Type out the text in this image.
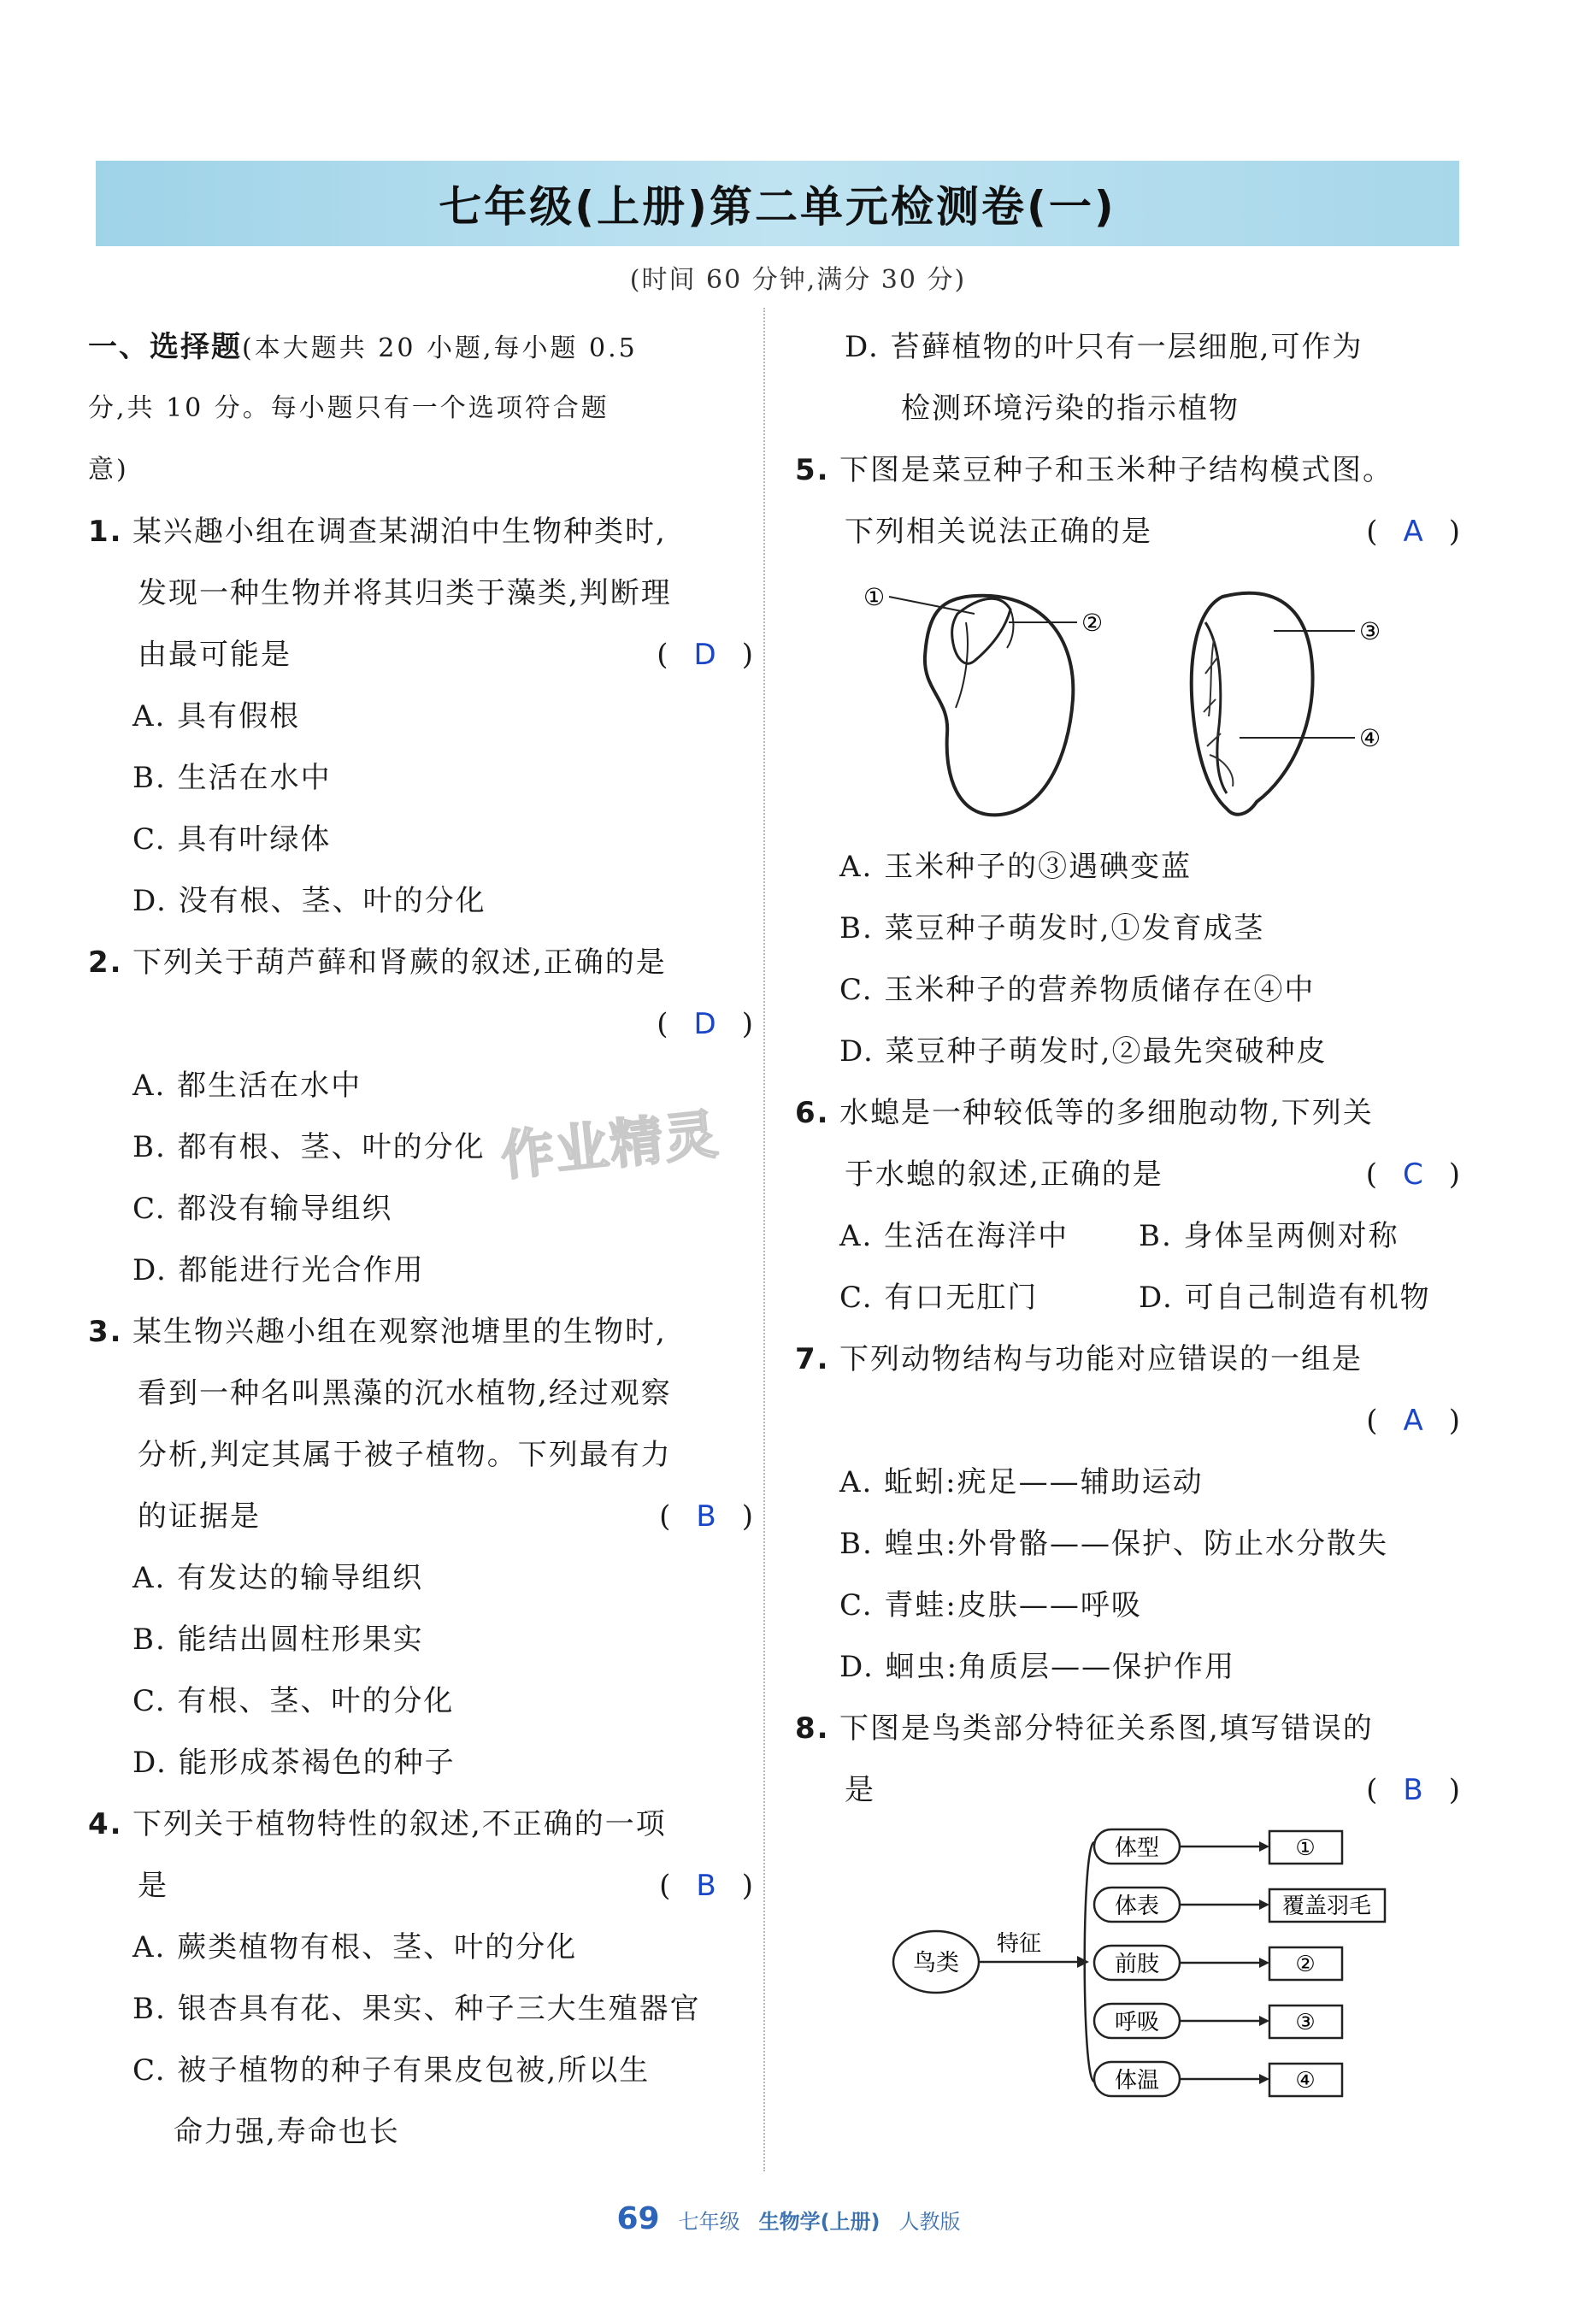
七年级(上册)第二单元检测卷(一)
(时间 60 分钟,满分 30 分)
作业精灵
一、选择题(本大题共 20 小题,每小题 0.5
分,共 10 分。每小题只有一个选项符合题
意)
1. 某兴趣小组在调查某湖泊中生物种类时,
发现一种生物并将其归类于藻类,判断理
由最可能是	( D )
A. 具有假根
B. 生活在水中
C. 具有叶绿体
D. 没有根、茎、叶的分化
2. 下列关于葫芦藓和肾蕨的叙述,正确的是
( D )
A. 都生活在水中
B. 都有根、茎、叶的分化
C. 都没有输导组织
D. 都能进行光合作用
3. 某生物兴趣小组在观察池塘里的生物时,
看到一种名叫黑藻的沉水植物,经过观察
分析,判定其属于被子植物。下列最有力
的证据是	( B )
A. 有发达的输导组织
B. 能结出圆柱形果实
C. 有根、茎、叶的分化
D. 能形成茶褐色的种子
4. 下列关于植物特性的叙述,不正确的一项
是	( B )
A. 蕨类植物有根、茎、叶的分化
B. 银杏具有花、果实、种子三大生殖器官
C. 被子植物的种子有果皮包被,所以生
命力强,寿命也长
D. 苔藓植物的叶只有一层细胞,可作为
检测环境污染的指示植物
5. 下图是菜豆种子和玉米种子结构模式图。
下列相关说法正确的是	( A )
①
②	③
④
A. 玉米种子的③遇碘变蓝
B. 菜豆种子萌发时,①发育成茎
C. 玉米种子的营养物质储存在④中
D. 菜豆种子萌发时,②最先突破种皮
6. 水螅是一种较低等的多细胞动物,下列关
于水螅的叙述,正确的是	( C )
A. 生活在海洋中 B. 身体呈两侧对称
C. 有口无肛门	D. 可自己制造有机物
7. 下列动物结构与功能对应错误的一组是
( A )
A. 蚯蚓:疣足——辅助运动
B. 蝗虫:外骨骼——保护、防止水分散失
C. 青蛙:皮肤——呼吸
D. 蛔虫:角质层——保护作用
8. 下图是鸟类部分特征关系图,填写错误的
是	( B )
鸟类
特征
体型	①
体表	覆盖羽毛
前肢	②
呼吸	③
体温	④
69 七年级 生物学(上册) 人教版
